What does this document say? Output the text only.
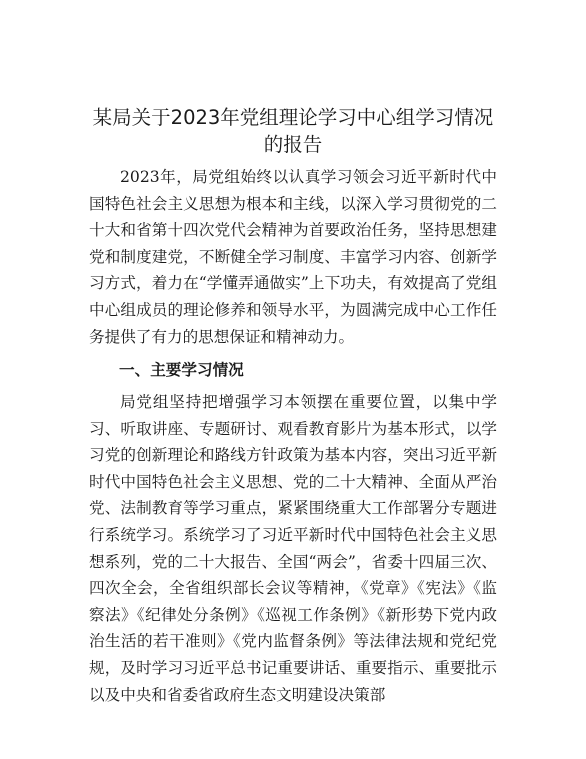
某局关于2023年党组理论学习中心组学习情况
的报告

2023年，局党组始终以认真学习领会习近平新时代中国特色社会主义思想为根本和主线，以深入学习贯彻党的二十大和省第十四次党代会精神为首要政治任务，坚持思想建党和制度建党，不断健全学习制度、丰富学习内容、创新学习方式，着力在“学懂弄通做实”上下功夫，有效提高了党组中心组成员的理论修养和领导水平，为圆满完成中心工作任务提供了有力的思想保证和精神动力。

一、主要学习情况

局党组坚持把增强学习本领摆在重要位置，以集中学习、听取讲座、专题研讨、观看教育影片为基本形式，以学习党的创新理论和路线方针政策为基本内容，突出习近平新时代中国特色社会主义思想、党的二十大精神、全面从严治党、法制教育等学习重点，紧紧围绕重大工作部署分专题进行系统学习。系统学习了习近平新时代中国特色社会主义思想系列，党的二十大报告、全国“两会”，省委十四届三次、四次全会，全省组织部长会议等精神，《党章》《宪法》《监察法》《纪律处分条例》《巡视工作条例》《新形势下党内政治生活的若干准则》《党内监督条例》等法律法规和党纪党规，及时学习习近平总书记重要讲话、重要指示、重要批示以及中央和省委省政府生态文明建设决策部
